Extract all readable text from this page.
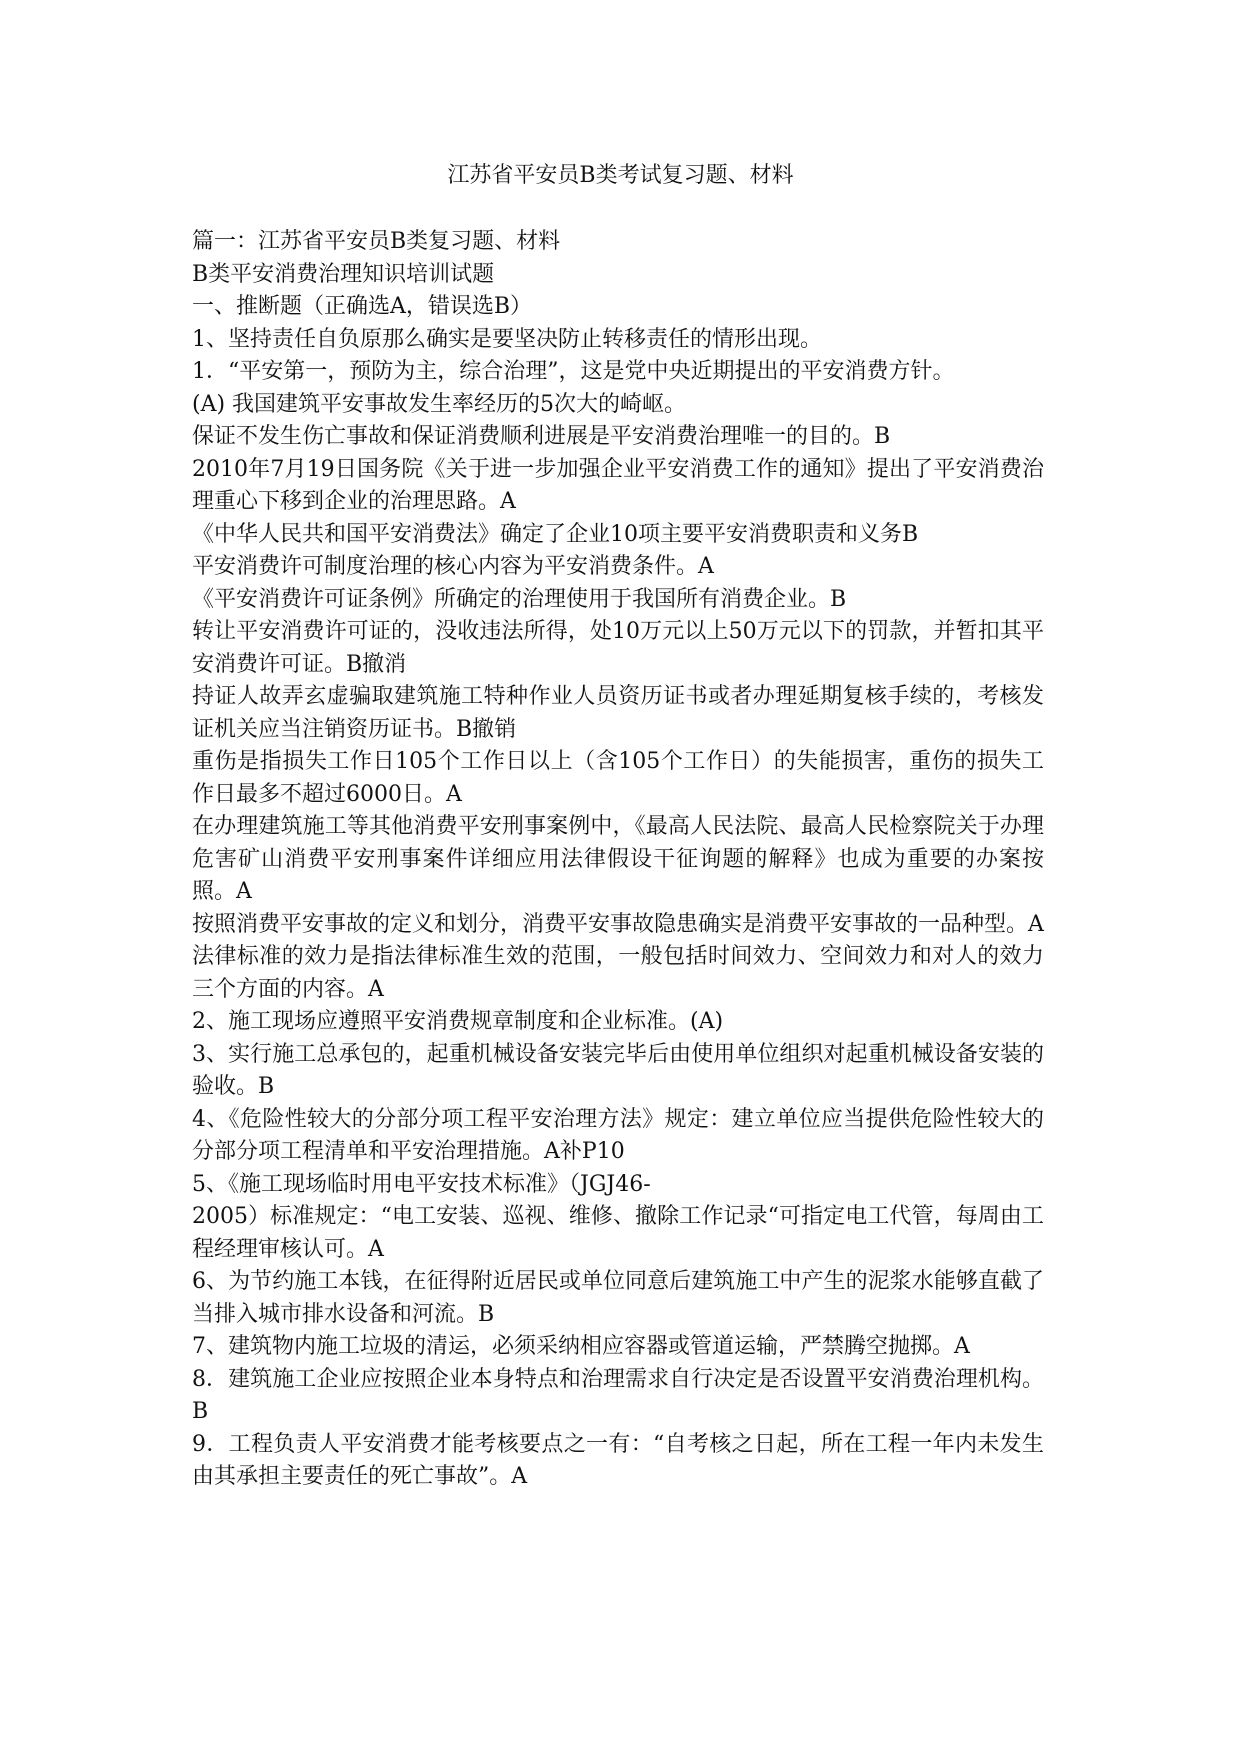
江苏省平安员B类考试复习题、材料

篇一：江苏省平安员B类复习题、材料

B类平安消费治理知识培训试题

一、推断题（正确选A，错误选B）

1、坚持责任自负原那么确实是要坚决防止转移责任的情形出现。

1．“平安第一，预防为主，综合治理”，这是党中央近期提出的平安消费方针。

(A) 我国建筑平安事故发生率经历的5次大的崎岖。

保证不发生伤亡事故和保证消费顺利进展是平安消费治理唯一的目的。B

2010年7月19日国务院《关于进一步加强企业平安消费工作的通知》提出了平安消费治理重心下移到企业的治理思路。A

《中华人民共和国平安消费法》确定了企业10项主要平安消费职责和义务B

平安消费许可制度治理的核心内容为平安消费条件。A

《平安消费许可证条例》所确定的治理使用于我国所有消费企业。B

转让平安消费许可证的，没收违法所得，处10万元以上50万元以下的罚款，并暂扣其平安消费许可证。B撤消

持证人故弄玄虚骗取建筑施工特种作业人员资历证书或者办理延期复核手续的，考核发证机关应当注销资历证书。B撤销

重伤是指损失工作日105个工作日以上（含105个工作日）的失能损害，重伤的损失工作日最多不超过6000日。A

在办理建筑施工等其他消费平安刑事案例中，《最高人民法院、最高人民检察院关于办理危害矿山消费平安刑事案件详细应用法律假设干征询题的解释》也成为重要的办案按照。A

按照消费平安事故的定义和划分，消费平安事故隐患确实是消费平安事故的一品种型。A

法律标准的效力是指法律标准生效的范围，一般包括时间效力、空间效力和对人的效力三个方面的内容。A

2、施工现场应遵照平安消费规章制度和企业标准。(A)

3、实行施工总承包的，起重机械设备安装完毕后由使用单位组织对起重机械设备安装的验收。B

4、《危险性较大的分部分项工程平安治理方法》规定：建立单位应当提供危险性较大的分部分项工程清单和平安治理措施。A补P10

5、《施工现场临时用电平安技术标准》（JGJ46-

2005）标准规定：“电工安装、巡视、维修、撤除工作记录“可指定电工代管，每周由工程经理审核认可。A

6、为节约施工本钱，在征得附近居民或单位同意后建筑施工中产生的泥浆水能够直截了当排入城市排水设备和河流。B

7、建筑物内施工垃圾的清运，必须采纳相应容器或管道运输，严禁腾空抛掷。A

8．建筑施工企业应按照企业本身特点和治理需求自行决定是否设置平安消费治理机构。B

9．工程负责人平安消费才能考核要点之一有：“自考核之日起，所在工程一年内未发生由其承担主要责任的死亡事故”。A
